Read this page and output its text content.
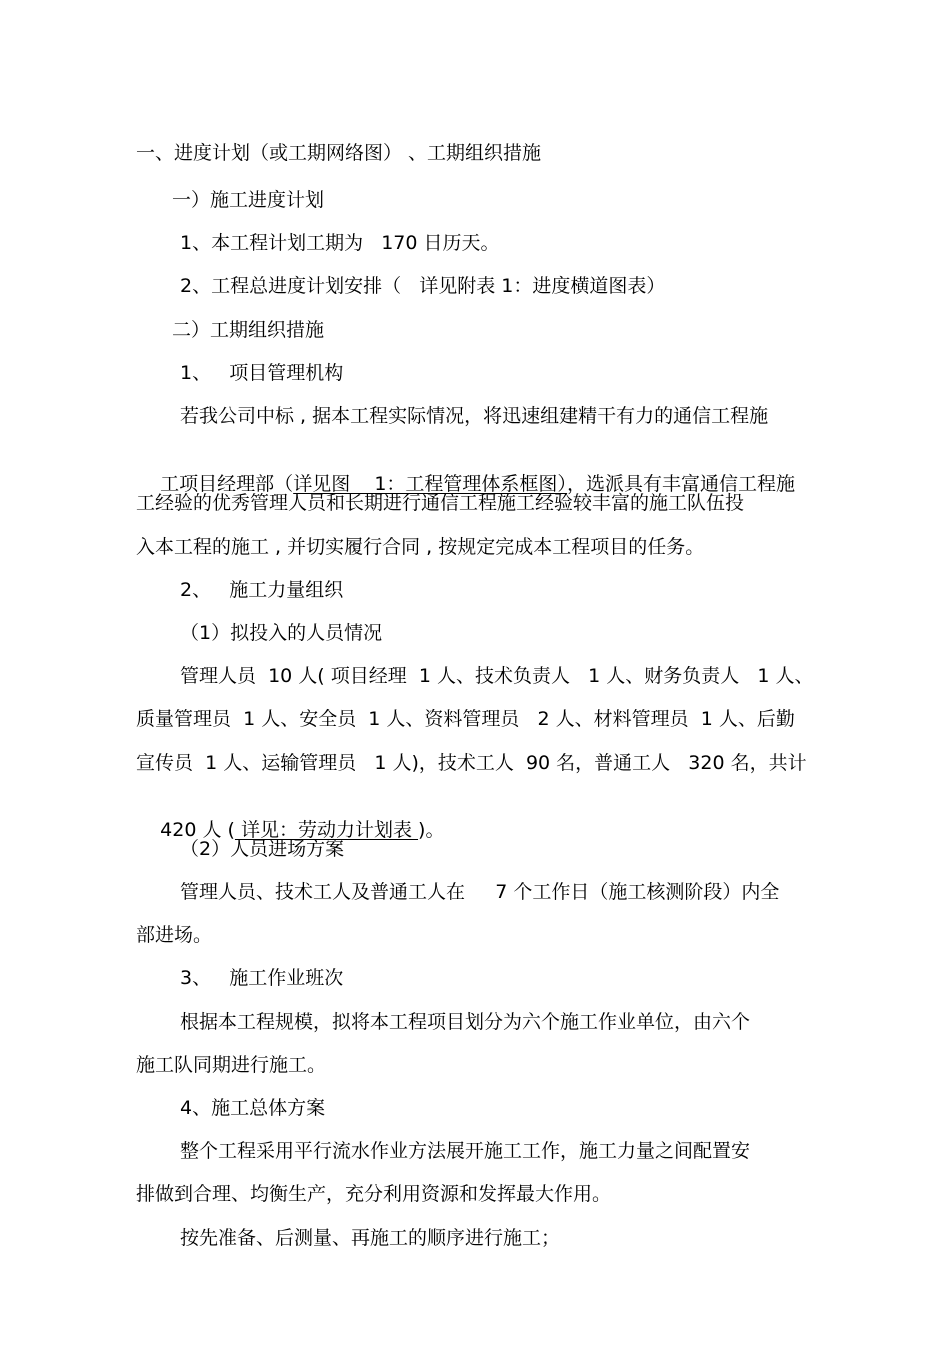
一、进度计划（或工期网络图） 、工期组织措施
一）施工进度计划
1、本工程计划工期为   170 日历天。
2、工程总进度计划安排（   详见附表 1：进度横道图表）
二）工期组织措施
1、   项目管理机构
若我公司中标 , 据本工程实际情况，将迅速组建精干有力的通信工程施

工项目经理部（详见图    1：工程管理体系框图），选派具有丰富通信工程施

工经验的优秀管理人员和长期进行通信工程施工经验较丰富的施工队伍投
入本工程的施工 , 并切实履行合同 , 按规定完成本工程项目的任务。
2、   施工力量组织
（1）拟投入的人员情况
管理人员  10 人( 项目经理  1 人、技术负责人   1 人、财务负责人   1 人、
质量管理员  1 人、安全员  1 人、资料管理员   2 人、材料管理员  1 人、后勤
宣传员  1 人、运输管理员   1 人)，技术工人  90 名，普通工人   320 名，共计

420 人 ( 详见：劳动力计划表 )。

（2）人员进场方案
管理人员、技术工人及普通工人在     7 个工作日（施工核测阶段）内全
部进场。
3、   施工作业班次
根据本工程规模，拟将本工程项目划分为六个施工作业单位，由六个
施工队同期进行施工。
4、施工总体方案
整个工程采用平行流水作业方法展开施工工作，施工力量之间配置安
排做到合理、均衡生产，充分利用资源和发挥最大作用。
按先准备、后测量、再施工的顺序进行施工；
